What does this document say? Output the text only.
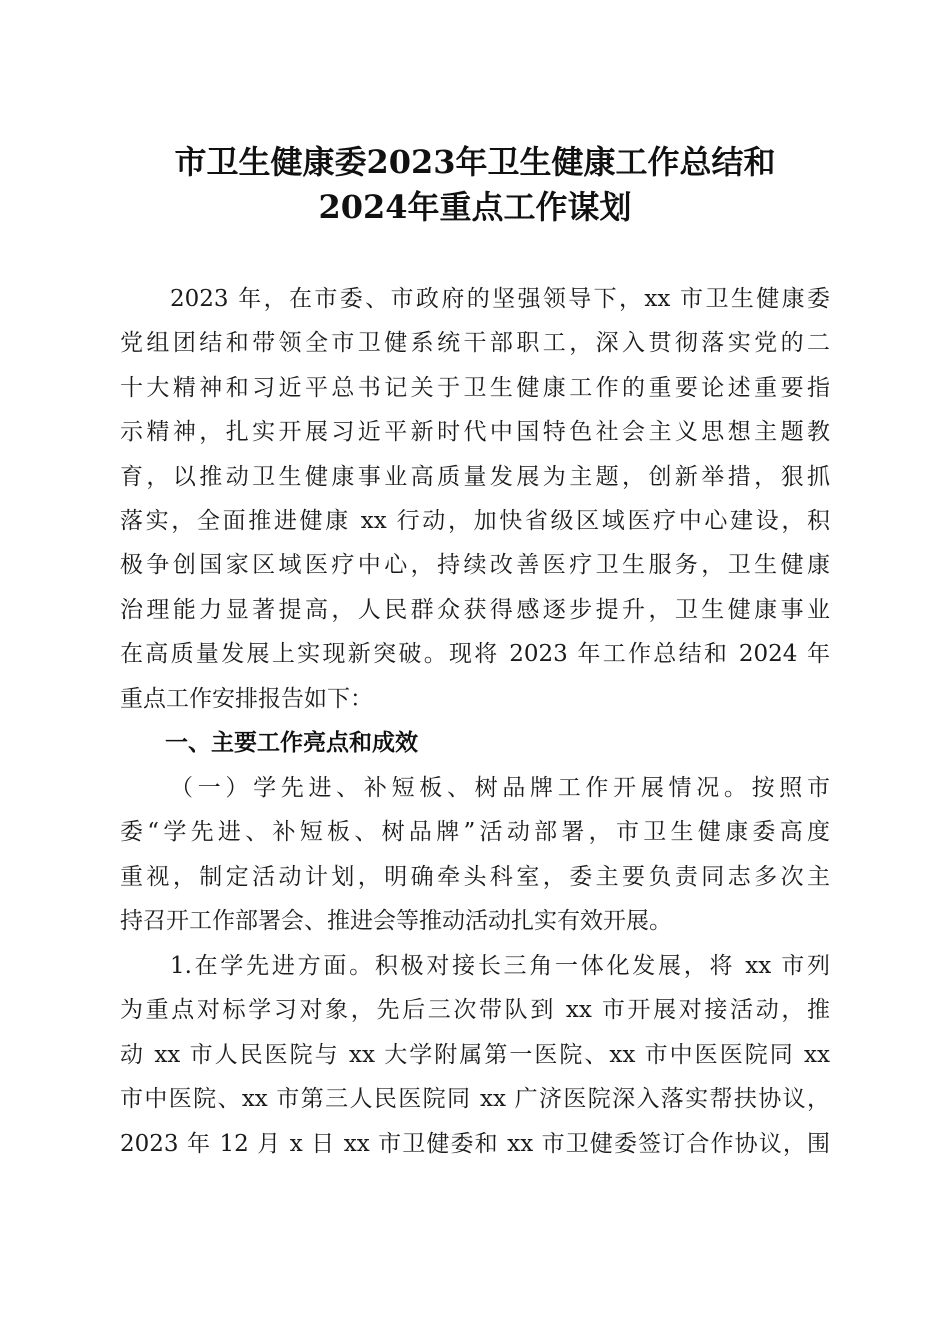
市卫生健康委2023年卫生健康工作总结和
2024年重点工作谋划
2023 年，在市委、市政府的坚强领导下，xx 市卫生健康委
党组团结和带领全市卫健系统干部职工，深入贯彻落实党的二
十大精神和习近平总书记关于卫生健康工作的重要论述重要指
示精神，扎实开展习近平新时代中国特色社会主义思想主题教
育，以推动卫生健康事业高质量发展为主题，创新举措，狠抓
落实，全面推进健康 xx 行动，加快省级区域医疗中心建设，积
极争创国家区域医疗中心，持续改善医疗卫生服务，卫生健康
治理能力显著提高，人民群众获得感逐步提升，卫生健康事业
在高质量发展上实现新突破。现将 2023 年工作总结和 2024 年
重点工作安排报告如下：
一、主要工作亮点和成效
（一）学先进、补短板、树品牌工作开展情况。按照市
委“学先进、补短板、树品牌”活动部署，市卫生健康委高度
重视，制定活动计划，明确牵头科室，委主要负责同志多次主
持召开工作部署会、推进会等推动活动扎实有效开展。
1.在学先进方面。积极对接长三角一体化发展，将 xx 市列
为重点对标学习对象，先后三次带队到 xx 市开展对接活动，推
动 xx 市人民医院与 xx 大学附属第一医院、xx 市中医医院同 xx
市中医院、xx 市第三人民医院同 xx 广济医院深入落实帮扶协议，
2023 年 12 月 x 日 xx 市卫健委和 xx 市卫健委签订合作协议，围
